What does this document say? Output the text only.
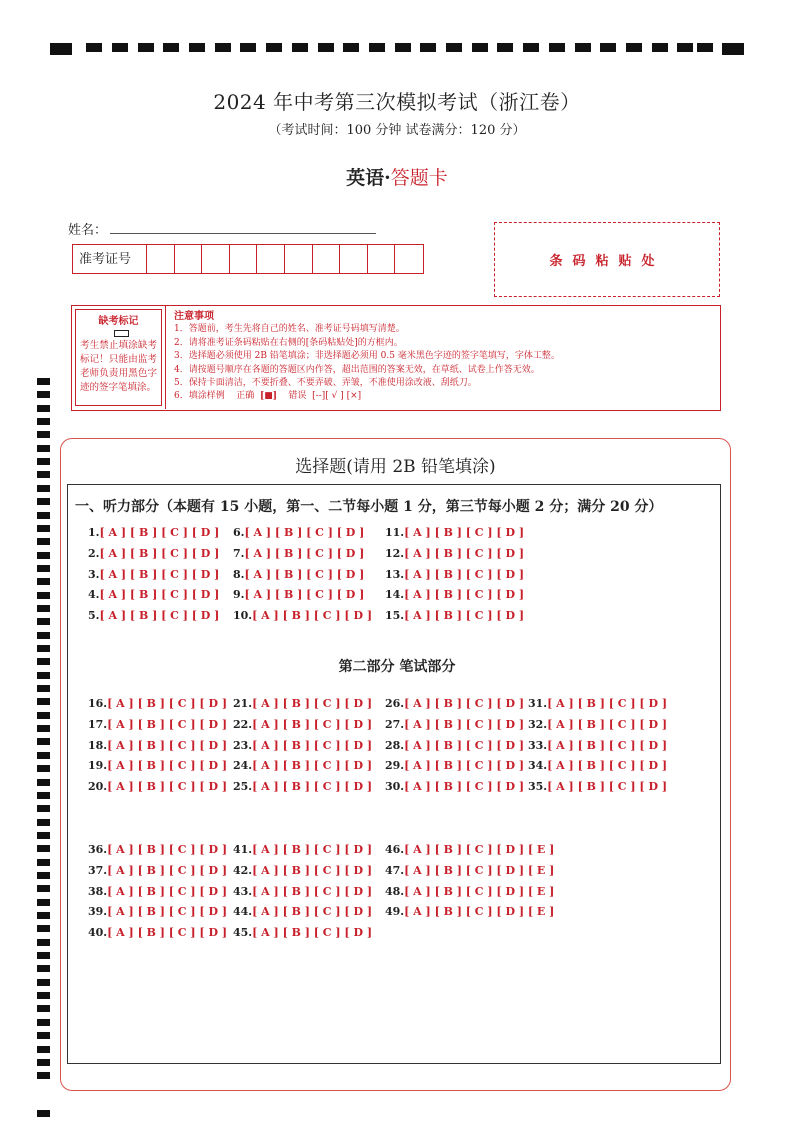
2024 年中考第三次模拟考试（浙江卷）
（考试时间：100 分钟 试卷满分：120 分）
英语·答题卡
姓名：
准考证号	条码粘贴处
缺考标记
考生禁止填涂缺考标记！只能由监考老师负责用黑色字迹的签字笔填涂。
注意事项
1．答题前，考生先将自己的姓名、准考证号码填写清楚。
2．请将准考证条码粘贴在右侧的[条码粘贴处]的方框内。
3．选择题必须使用 2B 铅笔填涂；非选择题必须用 0.5 毫米黑色字迹的签字笔填写，字体工整。
4．请按题号顺序在各题的答题区内作答，超出范围的答案无效，在草纸、试卷上作答无效。
5．保持卡面清洁，不要折叠、不要弄破、弄皱，不准使用涂改液、刮纸刀。
6．填涂样例 正确 [■] 错误 [--][ √ ] [×]
选择题(请用 2B 铅笔填涂)
一、听力部分（本题有 15 小题，第一、二节每小题 1 分，第三节每小题 2 分；满分 20 分）
第二部分 笔试部分
1.[ A ] [ B ] [ C ] [ D ]
2.[ A ] [ B ] [ C ] [ D ]
3.[ A ] [ B ] [ C ] [ D ]
4.[ A ] [ B ] [ C ] [ D ]
5.[ A ] [ B ] [ C ] [ D ]
6.[ A ] [ B ] [ C ] [ D ]
7.[ A ] [ B ] [ C ] [ D ]
8.[ A ] [ B ] [ C ] [ D ]
9.[ A ] [ B ] [ C ] [ D ]
10.[ A ] [ B ] [ C ] [ D ]
11.[ A ] [ B ] [ C ] [ D ]
12.[ A ] [ B ] [ C ] [ D ]
13.[ A ] [ B ] [ C ] [ D ]
14.[ A ] [ B ] [ C ] [ D ]
15.[ A ] [ B ] [ C ] [ D ]
16.[ A ] [ B ] [ C ] [ D ]
17.[ A ] [ B ] [ C ] [ D ]
18.[ A ] [ B ] [ C ] [ D ]
19.[ A ] [ B ] [ C ] [ D ]
20.[ A ] [ B ] [ C ] [ D ]
21.[ A ] [ B ] [ C ] [ D ]
22.[ A ] [ B ] [ C ] [ D ]
23.[ A ] [ B ] [ C ] [ D ]
24.[ A ] [ B ] [ C ] [ D ]
25.[ A ] [ B ] [ C ] [ D ]
26.[ A ] [ B ] [ C ] [ D ]
27.[ A ] [ B ] [ C ] [ D ]
28.[ A ] [ B ] [ C ] [ D ]
29.[ A ] [ B ] [ C ] [ D ]
30.[ A ] [ B ] [ C ] [ D ]
31.[ A ] [ B ] [ C ] [ D ]
32.[ A ] [ B ] [ C ] [ D ]
33.[ A ] [ B ] [ C ] [ D ]
34.[ A ] [ B ] [ C ] [ D ]
35.[ A ] [ B ] [ C ] [ D ]
36.[ A ] [ B ] [ C ] [ D ]
37.[ A ] [ B ] [ C ] [ D ]
38.[ A ] [ B ] [ C ] [ D ]
39.[ A ] [ B ] [ C ] [ D ]
40.[ A ] [ B ] [ C ] [ D ]
41.[ A ] [ B ] [ C ] [ D ]
42.[ A ] [ B ] [ C ] [ D ]
43.[ A ] [ B ] [ C ] [ D ]
44.[ A ] [ B ] [ C ] [ D ]
45.[ A ] [ B ] [ C ] [ D ]
46.[ A ] [ B ] [ C ] [ D ] [ E ]
47.[ A ] [ B ] [ C ] [ D ] [ E ]
48.[ A ] [ B ] [ C ] [ D ] [ E ]
49.[ A ] [ B ] [ C ] [ D ] [ E ]
